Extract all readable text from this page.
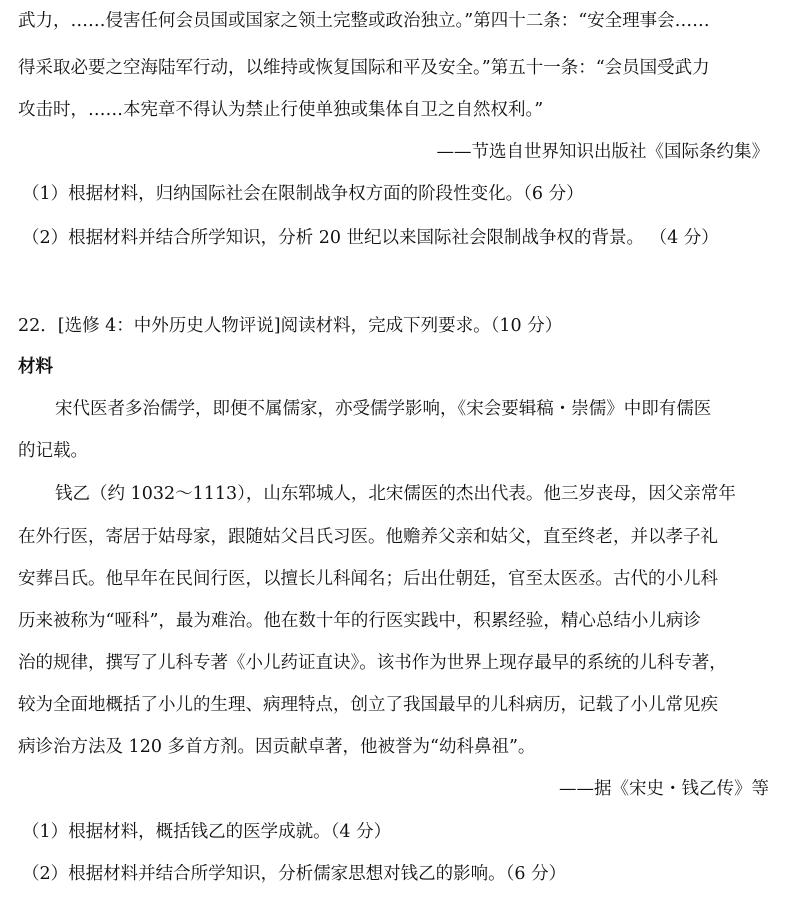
武力，……侵害任何会员国或国家之领土完整或政治独立。”第四十二条：“安全理事会……
得采取必要之空海陆军行动，以维持或恢复国际和平及安全。”第五十一条：“会员国受武力
攻击时，……本宪章不得认为禁止行使单独或集体自卫之自然权利。”
——节选自世界知识出版社《国际条约集》
（1）根据材料，归纳国际社会在限制战争权方面的阶段性变化。（6 分）
（2）根据材料并结合所学知识，分析 20 世纪以来国际社会限制战争权的背景。 （4 分）
22．[选修 4：中外历史人物评说]阅读材料，完成下列要求。（10 分）
材料
宋代医者多治儒学，即便不属儒家，亦受儒学影响，《宋会要辑稿・崇儒》中即有儒医
的记载。
钱乙（约 1032～1113），山东郓城人，北宋儒医的杰出代表。他三岁丧母，因父亲常年
在外行医，寄居于姑母家，跟随姑父吕氏习医。他赡养父亲和姑父，直至终老，并以孝子礼
安葬吕氏。他早年在民间行医，以擅长儿科闻名；后出仕朝廷，官至太医丞。古代的小儿科
历来被称为“哑科”，最为难治。他在数十年的行医实践中，积累经验，精心总结小儿病诊
治的规律，撰写了儿科专著《小儿药证直诀》。该书作为世界上现存最早的系统的儿科专著，
较为全面地概括了小儿的生理、病理特点，创立了我国最早的儿科病历，记载了小儿常见疾
病诊治方法及 120 多首方剂。因贡献卓著，他被誉为“幼科鼻祖”。
——据《宋史・钱乙传》等
（1）根据材料，概括钱乙的医学成就。（4 分）
（2）根据材料并结合所学知识，分析儒家思想对钱乙的影响。（6 分）
